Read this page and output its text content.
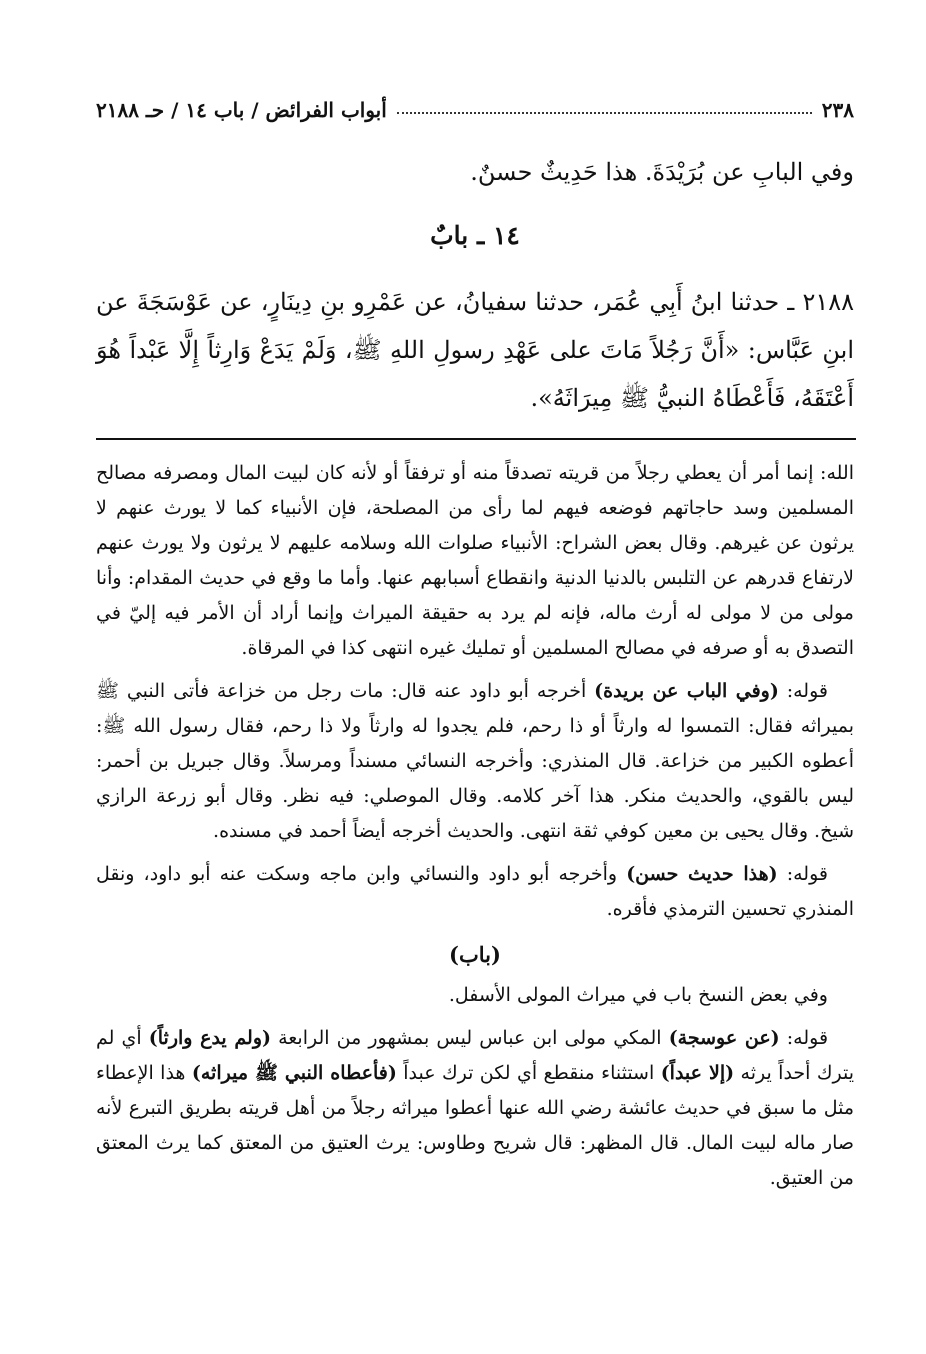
٢٣٨
أبواب الفرائض / باب ١٤ / حـ ٢١٨٨
وفي البابِ عن بُرَيْدَةَ. هذا حَدِيثٌ حسنٌ.
١٤ ـ بابٌ
٢١٨٨ ـ حدثنا ابنُ أَبِي عُمَر، حدثنا سفيانُ، عن عَمْرِو بنِ دِينَارٍ، عن عَوْسَجَةَ عن ابنِ عَبَّاس: «أَنَّ رَجُلاً مَاتَ على عَهْدِ رسولِ اللهِ ﷺ، وَلَمْ يَدَعْ وَارِثاً إِلَّا عَبْداً هُوَ أَعْتَقَهُ، فَأَعْطَاهُ النبيُّ ﷺ مِيرَاثَهُ».

الله: إنما أمر أن يعطي رجلاً من قريته تصدقاً منه أو ترفقاً أو لأنه كان لبيت المال ومصرفه مصالح المسلمين وسد حاجاتهم فوضعه فيهم لما رأى من المصلحة، فإن الأنبياء كما لا يورث عنهم لا يرثون عن غيرهم. وقال بعض الشراح: الأنبياء صلوات الله وسلامه عليهم لا يرثون ولا يورث عنهم لارتفاع قدرهم عن التلبس بالدنيا الدنية وانقطاع أسبابهم عنها. وأما ما وقع في حديث المقدام: وأنا مولى من لا مولى له أرث ماله، فإنه لم يرد به حقيقة الميراث وإنما أراد أن الأمر فيه إليّ في التصدق به أو صرفه في مصالح المسلمين أو تمليك غيره انتهى كذا في المرقاة.

قوله: (وفي الباب عن بريدة) أخرجه أبو داود عنه قال: مات رجل من خزاعة فأتى النبي ﷺ بميراثه فقال: التمسوا له وارثاً أو ذا رحم، فلم يجدوا له وارثاً ولا ذا رحم، فقال رسول الله ﷺ: أعطوه الكبير من خزاعة. قال المنذري: وأخرجه النسائي مسنداً ومرسلاً. وقال جبريل بن أحمر: ليس بالقوي، والحديث منكر. هذا آخر كلامه. وقال الموصلي: فيه نظر. وقال أبو زرعة الرازي شيخ. وقال يحيى بن معين كوفي ثقة انتهى. والحديث أخرجه أيضاً أحمد في مسنده.

قوله: (هذا حديث حسن) وأخرجه أبو داود والنسائي وابن ماجه وسكت عنه أبو داود، ونقل المنذري تحسين الترمذي فأقره.

(باب)

وفي بعض النسخ باب في ميراث المولى الأسفل.

قوله: (عن عوسجة) المكي مولى ابن عباس ليس بمشهور من الرابعة (ولم يدع وارثاً) أي لم يترك أحداً يرثه (إلا عبداً) استثناء منقطع أي لكن ترك عبداً (فأعطاه النبي ﷺ ميراثه) هذا الإعطاء مثل ما سبق في حديث عائشة رضي الله عنها أعطوا ميراثه رجلاً من أهل قريته بطريق التبرع لأنه صار ماله لبيت المال. قال المظهر: قال شريح وطاوس: يرث العتيق من المعتق كما يرث المعتق من العتيق.
